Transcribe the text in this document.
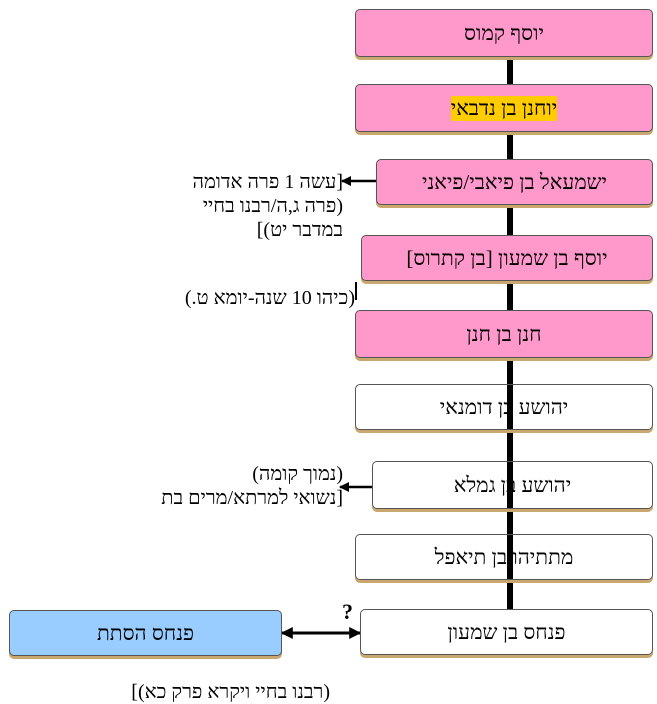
יוסף קמוס
יוחנן בן נדבאי
ישמעאל בן פיאבי/פיאני
יוסף בן שמעון [בן קתרוס]
חנן בן חנן
יהושע בן דומנאי
יהושע בן גמלא
מתתיהו בן תיאפל
פנחס בן שמעון
פנחס הסתת
?
[עשה 1 פרה אדומה
(פרה ג,ה/רבנו בחיי
במדבר יט)]
(כיהו 10 שנה-יומא ט.)
(נמוך קומה)
[נשואי למרתא/מרים בת
(רבנו בחיי ויקרא פרק כא)]
